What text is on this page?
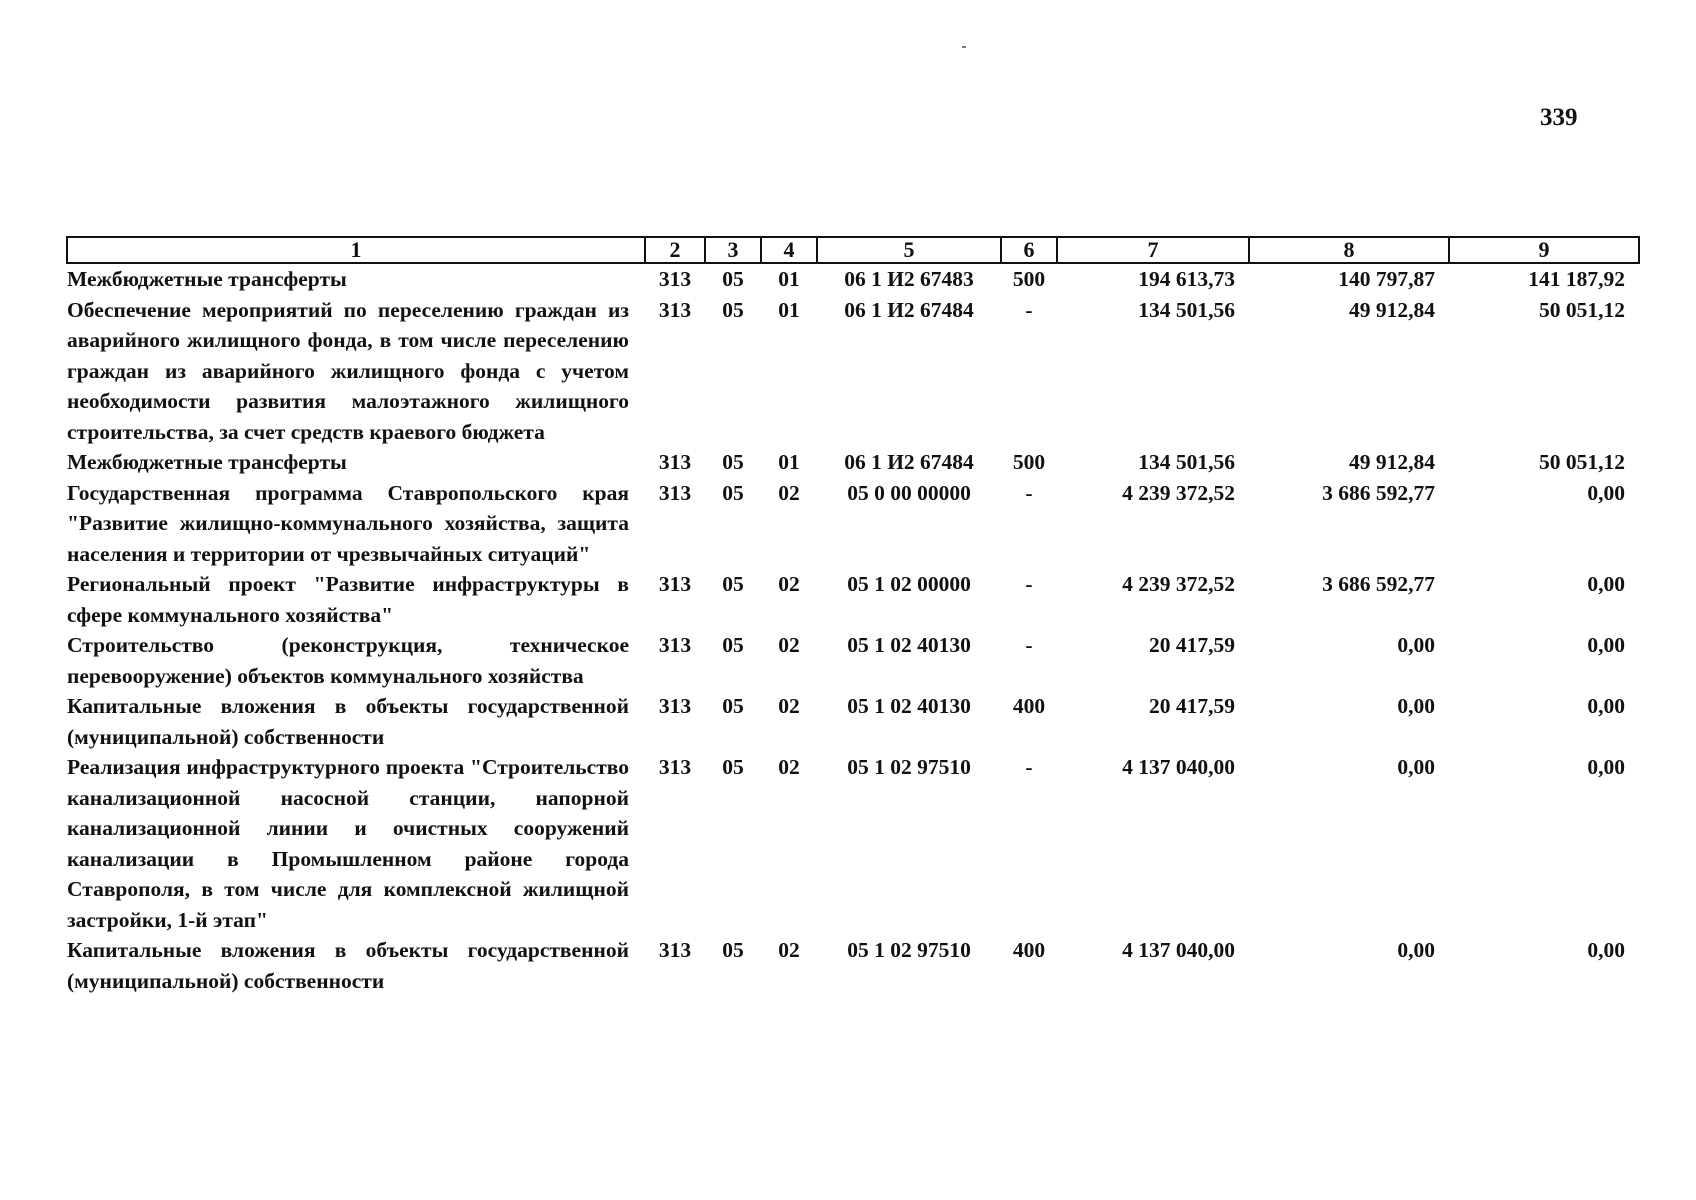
339
1	2	3	4	5	6	7	8	9
Межбюджетные трансферты	313	05	01	06 1 И2 67483	500	194 613,73	140 797,87	141 187,92
Обеспечение мероприятий по переселению граждан из аварийного жилищного фонда, в том числе переселению граждан из аварийного жилищного фонда с учетом необходимости развития малоэтажного жилищного строительства, за счет средств краевого бюджета	313	05	01	06 1 И2 67484	-	134 501,56	49 912,84	50 051,12
Межбюджетные трансферты	313	05	01	06 1 И2 67484	500	134 501,56	49 912,84	50 051,12
Государственная программа Ставропольского края "Развитие жилищно-коммунального хозяйства, защита населения и территории от чрезвычайных ситуаций"	313	05	02	05 0 00 00000	-	4 239 372,52	3 686 592,77	0,00
Региональный проект "Развитие инфраструктуры в сфере коммунального хозяйства"	313	05	02	05 1 02 00000	-	4 239 372,52	3 686 592,77	0,00
Строительство (реконструкция, техническое перевооружение) объектов коммунального хозяйства	313	05	02	05 1 02 40130	-	20 417,59	0,00	0,00
Капитальные вложения в объекты государственной (муниципальной) собственности	313	05	02	05 1 02 40130	400	20 417,59	0,00	0,00
Реализация инфраструктурного проекта "Строительство канализационной насосной станции, напорной канализационной линии и очистных сооружений канализации в Промышленном районе города Ставрополя, в том числе для комплексной жилищной застройки, 1-й этап"	313	05	02	05 1 02 97510	-	4 137 040,00	0,00	0,00
Капитальные вложения в объекты государственной (муниципальной) собственности	313	05	02	05 1 02 97510	400	4 137 040,00	0,00	0,00
